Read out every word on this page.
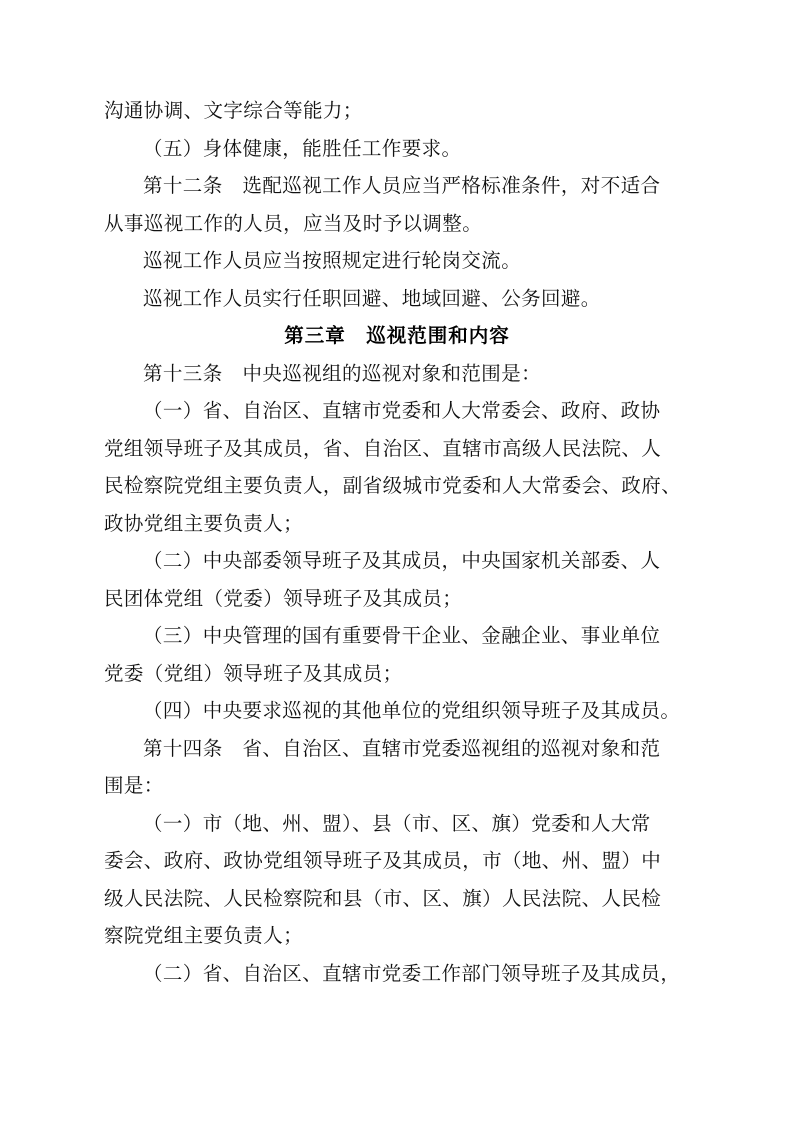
沟通协调、文字综合等能力；

（五）身体健康，能胜任工作要求。

第十二条　选配巡视工作人员应当严格标准条件，对不适合

从事巡视工作的人员，应当及时予以调整。

巡视工作人员应当按照规定进行轮岗交流。

巡视工作人员实行任职回避、地域回避、公务回避。

第三章　巡视范围和内容

第十三条　中央巡视组的巡视对象和范围是：

（一）省、自治区、直辖市党委和人大常委会、政府、政协

党组领导班子及其成员，省、自治区、直辖市高级人民法院、人

民检察院党组主要负责人，副省级城市党委和人大常委会、政府、

政协党组主要负责人；

（二）中央部委领导班子及其成员，中央国家机关部委、人

民团体党组（党委）领导班子及其成员；

（三）中央管理的国有重要骨干企业、金融企业、事业单位

党委（党组）领导班子及其成员；

（四）中央要求巡视的其他单位的党组织领导班子及其成员。

第十四条　省、自治区、直辖市党委巡视组的巡视对象和范

围是：

（一）市（地、州、盟）、县（市、区、旗）党委和人大常

委会、政府、政协党组领导班子及其成员，市（地、州、盟）中

级人民法院、人民检察院和县（市、区、旗）人民法院、人民检

察院党组主要负责人；

（二）省、自治区、直辖市党委工作部门领导班子及其成员，
